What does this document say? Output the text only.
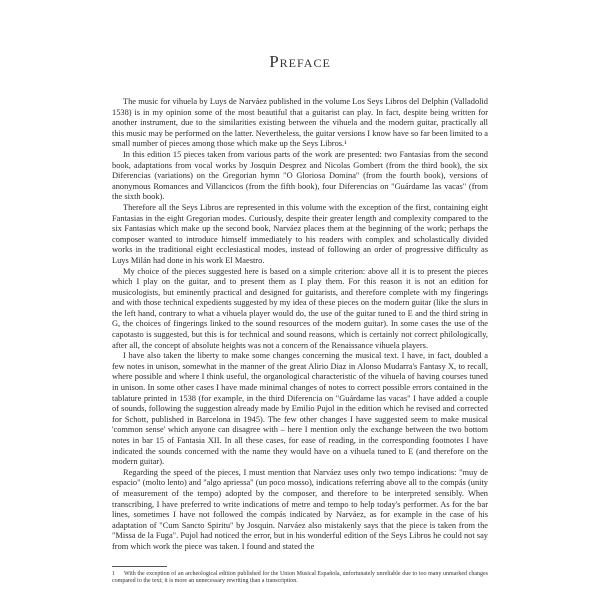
Preface

The music for vihuela by Luys de Narváez published in the volume Los Seys Libros del Delphin (Valladolid 1538) is in my opinion some of the most beautiful that a guitarist can play. In fact, despite being written for another instrument, due to the similarities existing between the vihuela and the modern guitar, practically all this music may be performed on the latter. Nevertheless, the guitar versions I know have so far been limited to a small number of pieces among those which make up the Seys Libros.¹

In this edition 15 pieces taken from various parts of the work are presented: two Fantasias from the second book, adaptations from vocal works by Josquin Desprez and Nicolas Gombert (from the third book), the six Diferencias (variations) on the Gregorian hymn "O Gloriosa Domina" (from the fourth book), versions of anonymous Romances and Villancicos (from the fifth book), four Diferencias on "Guárdame las vacas" (from the sixth book).

Therefore all the Seys Libros are represented in this volume with the exception of the first, containing eight Fantasias in the eight Gregorian modes. Curiously, despite their greater length and complexity compared to the six Fantasias which make up the second book, Narváez places them at the beginning of the work; perhaps the composer wanted to introduce himself immediately to his readers with complex and scholastically divided works in the traditional eight ecclesiastical modes, instead of following an order of progressive difficulty as Luys Milán had done in his work El Maestro.

My choice of the pieces suggested here is based on a simple criterion: above all it is to present the pieces which I play on the guitar, and to present them as I play them. For this reason it is not an edition for musicologists, but eminently practical and designed for guitarists, and therefore complete with my fingerings and with those technical expedients suggested by my idea of these pieces on the modern guitar (like the slurs in the left hand, contrary to what a vihuela player would do, the use of the guitar tuned to E and the third string in G, the choices of fingerings linked to the sound resources of the modern guitar). In some cases the use of the capotasto is suggested, but this is for technical and sound reasons, which is certainly not correct philologically, after all, the concept of absolute heights was not a concern of the Renaissance vihuela players.

I have also taken the liberty to make some changes concerning the musical text. I have, in fact, doubled a few notes in unison, somewhat in the manner of the great Alirio Diaz in Alonso Mudarra's Fantasy X, to recall, where possible and where I think useful, the organological characteristic of the vihuela of having courses tuned in unison. In some other cases I have made minimal changes of notes to correct possible errors contained in the tablature printed in 1538 (for example, in the third Diferencia on "Guárdame las vacas" I have added a couple of sounds, following the suggestion already made by Emilio Pujol in the edition which he revised and corrected for Schott, published in Barcelona in 1945). The few other changes I have suggested seem to make musical 'common sense' which anyone can disagree with – here I mention only the exchange between the two bottom notes in bar 15 of Fantasia XII. In all these cases, for ease of reading, in the corresponding footnotes I have indicated the sounds concerned with the name they would have on a vihuela tuned to E (and therefore on the modern guitar).

Regarding the speed of the pieces, I must mention that Narváez uses only two tempo indications: "muy de espacio" (molto lento) and "algo apriessa" (un poco mosso), indications referring above all to the compás (unity of measurement of the tempo) adopted by the composer, and therefore to be interpreted sensibly. When transcribing, I have preferred to write indications of metre and tempo to help today's performer. As for the bar lines, sometimes I have not followed the compás indicated by Narváez, as for example in the case of his adaptation of "Cum Sancto Spiritu" by Josquin. Narváez also mistakenly says that the piece is taken from the "Missa de la Fuga". Pujol had noticed the error, but in his wonderful edition of the Seys Libros he could not say from which work the piece was taken. I found and stated the

1 With the exception of an archeological edition published for the Union Musical Española, unfortunately unreliable due to too many unmarked changes compared to the text; it is more an unnecessary rewriting than a transcription.
